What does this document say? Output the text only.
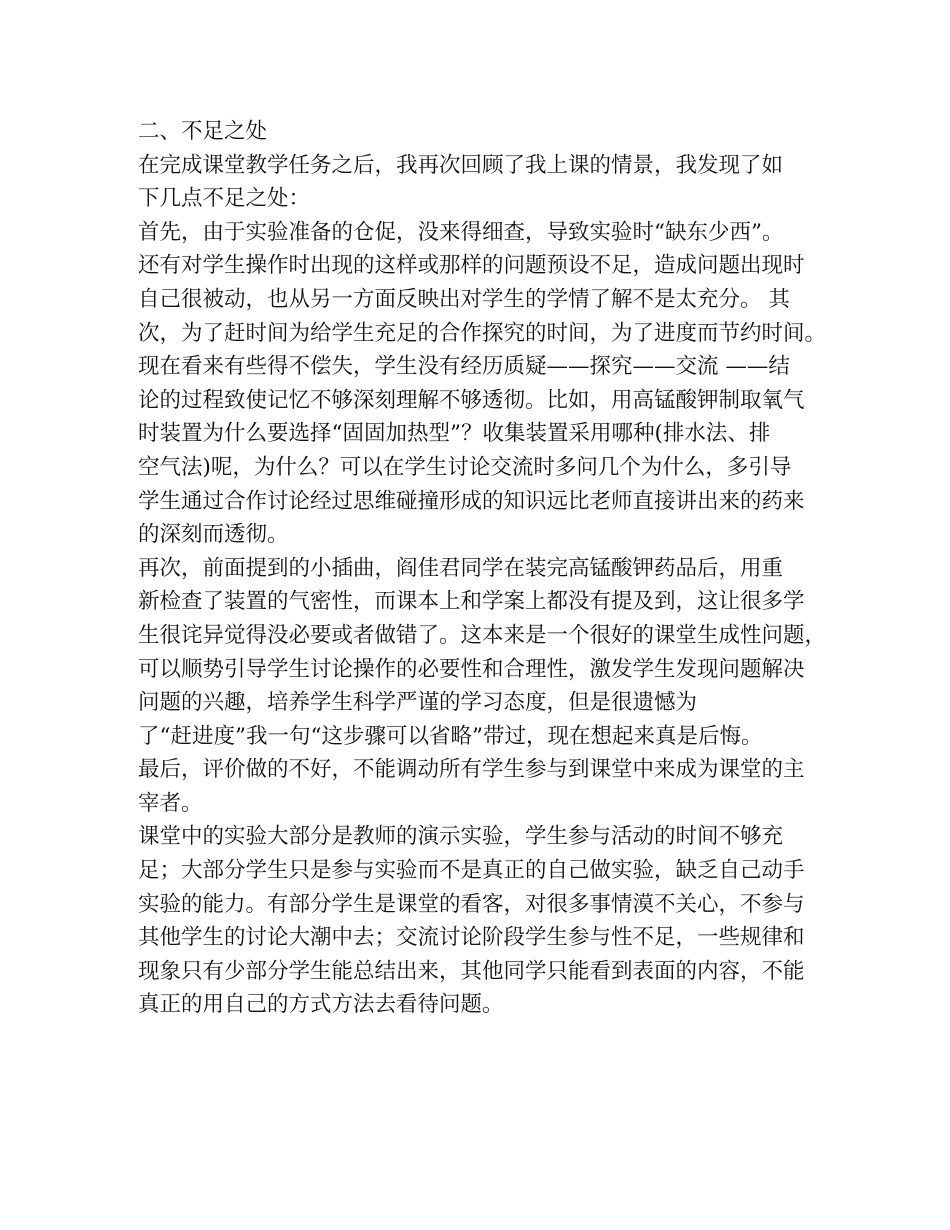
二、不足之处
在完成课堂教学任务之后，我再次回顾了我上课的情景，我发现了如
下几点不足之处：
首先，由于实验准备的仓促，没来得细查，导致实验时“缺东少西”。
还有对学生操作时出现的这样或那样的问题预设不足，造成问题出现时
自己很被动，也从另一方面反映出对学生的学情了解不是太充分。 其
次，为了赶时间为给学生充足的合作探究的时间，为了进度而节约时间。
现在看来有些得不偿失，学生没有经历质疑——探究——交流 ——结
论的过程致使记忆不够深刻理解不够透彻。比如，用高锰酸钾制取氧气
时装置为什么要选择“固固加热型”？收集装置采用哪种(排水法、排
空气法)呢，为什么？可以在学生讨论交流时多问几个为什么，多引导
学生通过合作讨论经过思维碰撞形成的知识远比老师直接讲出来的药来
的深刻而透彻。
再次，前面提到的小插曲，阎佳君同学在装完高锰酸钾药品后，用重
新检查了装置的气密性，而课本上和学案上都没有提及到，这让很多学
生很诧异觉得没必要或者做错了。这本来是一个很好的课堂生成性问题，
可以顺势引导学生讨论操作的必要性和合理性，激发学生发现问题解决
问题的兴趣，培养学生科学严谨的学习态度，但是很遗憾为
了“赶进度”我一句“这步骤可以省略”带过，现在想起来真是后悔。
最后，评价做的不好，不能调动所有学生参与到课堂中来成为课堂的主
宰者。
课堂中的实验大部分是教师的演示实验，学生参与活动的时间不够充
足；大部分学生只是参与实验而不是真正的自己做实验，缺乏自己动手
实验的能力。有部分学生是课堂的看客，对很多事情漠不关心，不参与
其他学生的讨论大潮中去；交流讨论阶段学生参与性不足，一些规律和
现象只有少部分学生能总结出来，其他同学只能看到表面的内容，不能
真正的用自己的方式方法去看待问题。
